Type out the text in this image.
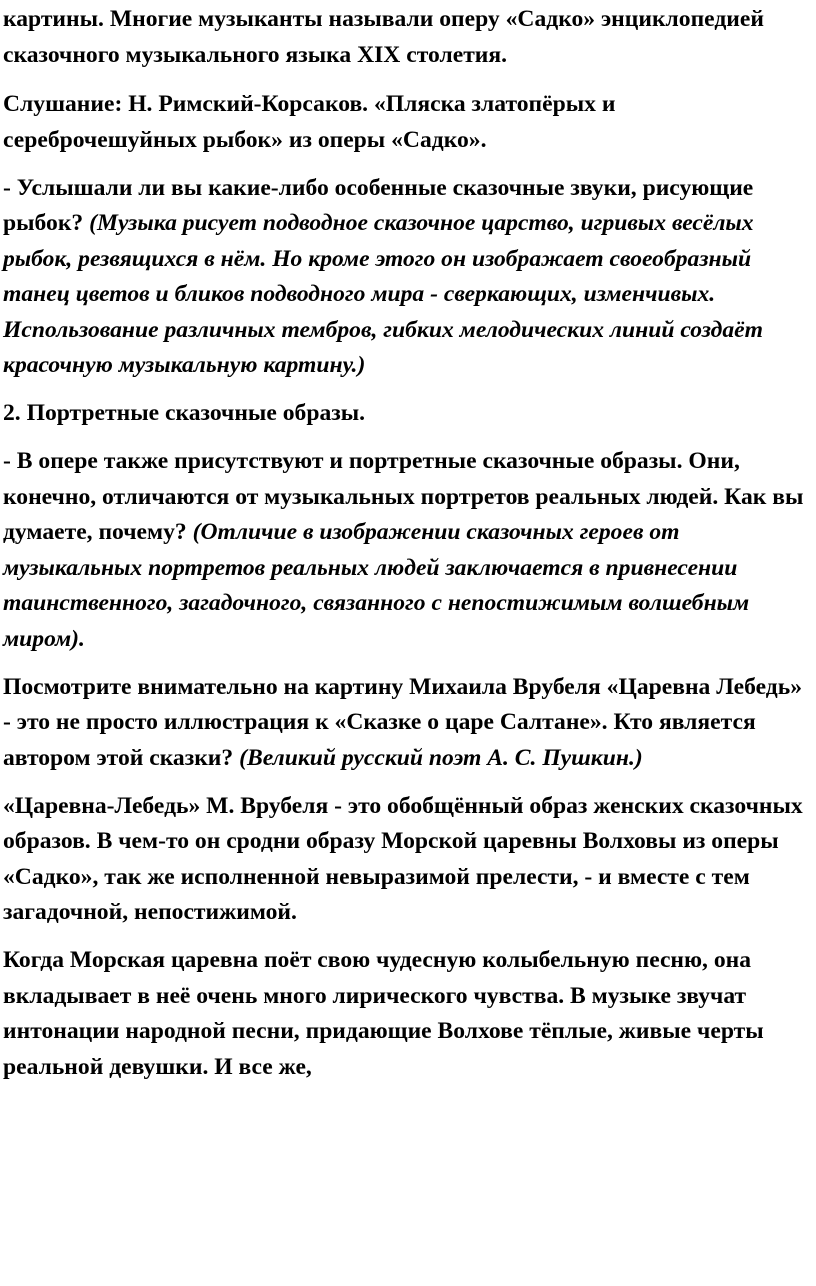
картины. Многие музыканты называли оперу «Садко» энциклопедией сказочного музыкального языка XIX столетия.

Слушание: Н. Римский-Корсаков. «Пляска златопёрых и сереброчешуйных рыбок» из оперы «Садко».

- Услышали ли вы какие-либо особенные сказочные звуки, рисующие рыбок? (Музыка рисует подводное сказочное царство, игривых весёлых рыбок, резвящихся в нём. Но кроме этого он изображает своеобразный танец цветов и бликов подводного мира - сверкающих, изменчивых. Использование различных тембров, гибких мелодических линий создаёт красочную музыкальную картину.)

2. Портретные сказочные образы.

- В опере также присутствуют и портретные сказочные образы. Они, конечно, отличаются от музыкальных портретов реальных людей. Как вы думаете, почему? (Отличие в изображении сказочных героев от музыкальных портретов реальных людей заключается в привнесении таинственного, загадочного, связанного с непостижимым волшебным миром).

Посмотрите внимательно на картину Михаила Врубеля «Царевна Лебедь» - это не просто иллюстрация к «Сказке о царе Салтане». Кто является автором этой сказки? (Великий русский поэт А. С. Пушкин.)

«Царевна-Лебедь» М. Врубеля - это обобщённый образ женских сказочных образов. В чем-то он сродни образу Морской царевны Волховы из оперы «Садко», так же исполненной невыразимой прелести, - и вместе с тем загадочной, непостижимой.

Когда Морская царевна поёт свою чудесную колыбельную песню, она вкладывает в неё очень много лирического чувства. В музыке звучат интонации народной песни, придающие Волхове тёплые, живые черты реальной девушки. И все же,
